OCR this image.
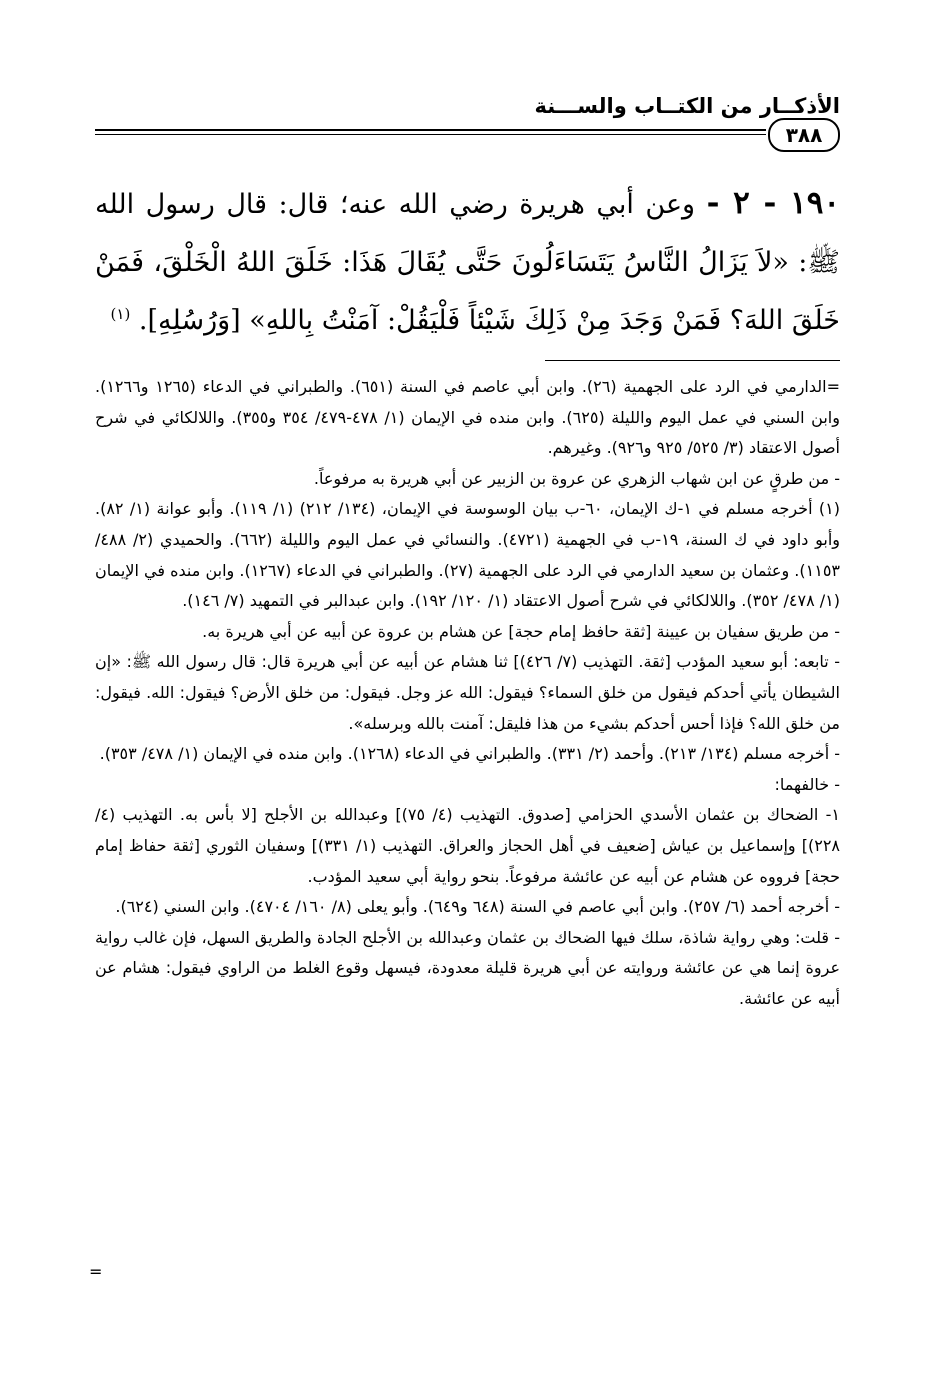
الأذكــار من الكتــاب والســـنة
٣٨٨
١٩٠ - ٢ - وعن أبي هريرة رضي الله عنه؛ قال: قال رسول الله ﷺ: «لاَ يَزَالُ النَّاسُ يَتَسَاءَلُونَ حَتَّى يُقَالَ هَذَا: خَلَقَ اللهُ الْخَلْقَ، فَمَنْ خَلَقَ اللهَ؟ فَمَنْ وَجَدَ مِنْ ذَلِكَ شَيْئاً فَلْيَقُلْ: آمَنْتُ بِاللهِ» [وَرُسُلِهِ]. $^{(١)}$

=الدارمي في الرد على الجهمية (٢٦). وابن أبي عاصم في السنة (٦٥١). والطبراني في الدعاء (١٢٦٥ و١٢٦٦). وابن السني في عمل اليوم والليلة (٦٢٥). وابن منده في الإيمان (١/ ٤٧٨-٤٧٩/ ٣٥٤ و٣٥٥). واللالكائي في شرح أصول الاعتقاد (٣/ ٥٢٥/ ٩٢٥ و٩٢٦). وغيرهم.

- من طرقٍ عن ابن شهاب الزهري عن عروة بن الزبير عن أبي هريرة به مرفوعاً.

(١) أخرجه مسلم في ١-ك الإيمان، ٦٠-ب بيان الوسوسة في الإيمان، (١٣٤/ ٢١٢) (١/ ١١٩). وأبو عوانة (١/ ٨٢). وأبو داود في ك السنة، ١٩-ب في الجهمية (٤٧٢١). والنسائي في عمل اليوم والليلة (٦٦٢). والحميدي (٢/ ٤٨٨/ ١١٥٣). وعثمان بن سعيد الدارمي في الرد على الجهمية (٢٧). والطبراني في الدعاء (١٢٦٧). وابن منده في الإيمان (١/ ٤٧٨/ ٣٥٢). واللالكائي في شرح أصول الاعتقاد (١/ ١٢٠/ ١٩٢). وابن عبدالبر في التمهيد (٧/ ١٤٦).

- من طريق سفيان بن عيينة [ثقة حافظ إمام حجة] عن هشام بن عروة عن أبيه عن أبي هريرة به.

- تابعه: أبو سعيد المؤدب [ثقة. التهذيب (٧/ ٤٢٦)] ثنا هشام عن أبيه عن أبي هريرة قال: قال رسول الله ﷺ: «إن الشيطان يأتي أحدكم فيقول من خلق السماء؟ فيقول: الله عز وجل. فيقول: من خلق الأرض؟ فيقول: الله. فيقول: من خلق الله؟ فإذا أحس أحدكم بشيء من هذا فليقل: آمنت بالله وبرسله».

- أخرجه مسلم (١٣٤/ ٢١٣). وأحمد (٢/ ٣٣١). والطبراني في الدعاء (١٢٦٨). وابن منده في الإيمان (١/ ٤٧٨/ ٣٥٣).

- خالفهما:

١- الضحاك بن عثمان الأسدي الحزامي [صدوق. التهذيب (٤/ ٧٥)] وعبدالله بن الأجلح [لا بأس به. التهذيب (٤/ ٢٢٨)] وإسماعيل بن عياش [ضعيف في أهل الحجاز والعراق. التهذيب (١/ ٣٣١)] وسفيان الثوري [ثقة حفاظ إمام حجة] فرووه عن هشام عن أبيه عن عائشة مرفوعاً. بنحو رواية أبي سعيد المؤدب.

- أخرجه أحمد (٦/ ٢٥٧). وابن أبي عاصم في السنة (٦٤٨ و٦٤٩). وأبو يعلى (٨/ ١٦٠/ ٤٧٠٤). وابن السني (٦٢٤).

- قلت: وهي رواية شاذة، سلك فيها الضحاك بن عثمان وعبدالله بن الأجلح الجادة والطريق السهل، فإن غالب رواية عروة إنما هي عن عائشة وروايته عن أبي هريرة قليلة معدودة، فيسهل وقوع الغلط من الراوي فيقول: هشام عن أبيه عن عائشة.

=
